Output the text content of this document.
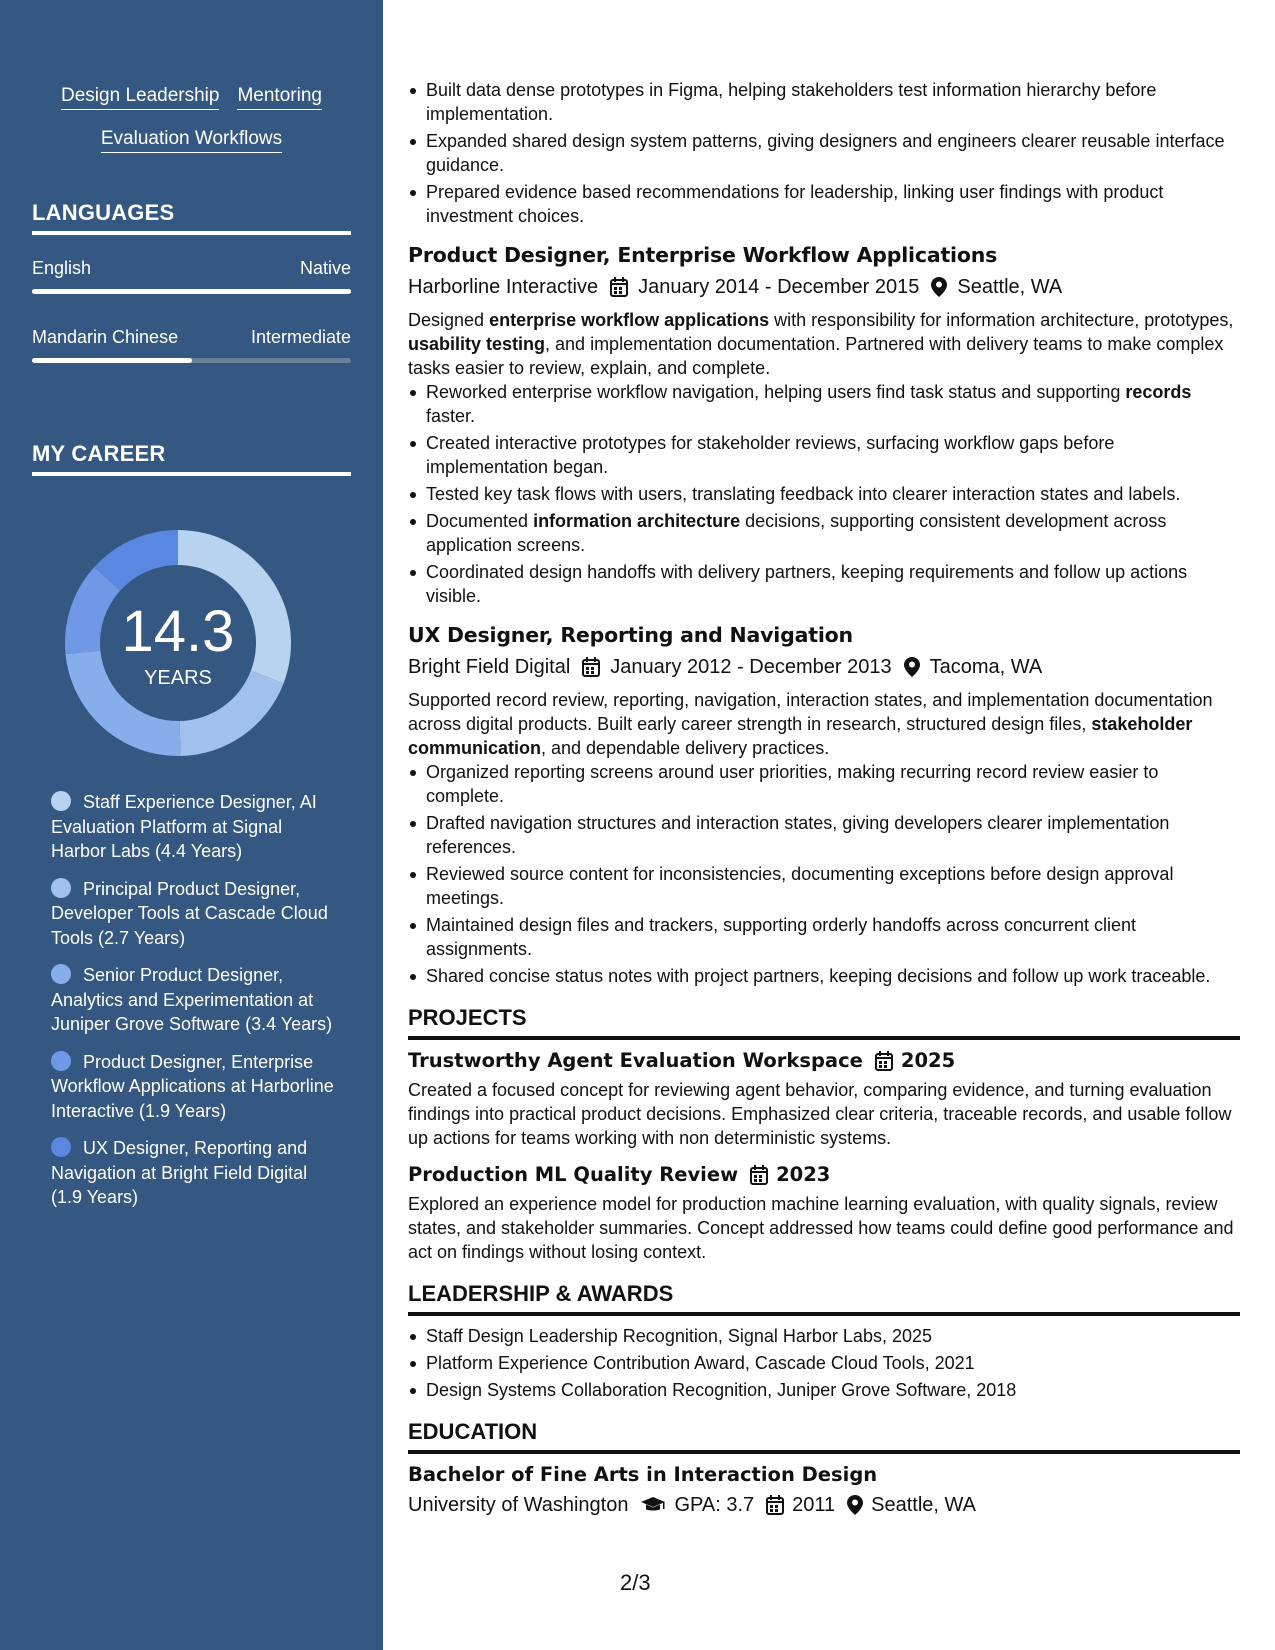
Design Leadership Mentoring
Evaluation Workflows
LANGUAGES
English	Native
Mandarin Chinese	Intermediate
MY CAREER
14.3
YEARS
Staff Experience Designer, AI Evaluation Platform at Signal Harbor Labs (4.4 Years)
Principal Product Designer, Developer Tools at Cascade Cloud Tools (2.7 Years)
Senior Product Designer, Analytics and Experimentation at Juniper Grove Software (3.4 Years)
Product Designer, Enterprise Workflow Applications at Harborline Interactive (1.9 Years)
UX Designer, Reporting and Navigation at Bright Field Digital (1.9 Years)
Built data dense prototypes in Figma, helping stakeholders test information hierarchy before implementation.
Expanded shared design system patterns, giving designers and engineers clearer reusable interface guidance.
Prepared evidence based recommendations for leadership, linking user findings with product investment choices.
Product Designer, Enterprise Workflow Applications
Harborline Interactive January 2014 - December 2015 Seattle, WA

Designed enterprise workflow applications with responsibility for information architecture, prototypes, usability testing, and implementation documentation. Partnered with delivery teams to make complex tasks easier to review, explain, and complete.

Reworked enterprise workflow navigation, helping users find task status and supporting records faster.
Created interactive prototypes for stakeholder reviews, surfacing workflow gaps before implementation began.
Tested key task flows with users, translating feedback into clearer interaction states and labels.
Documented information architecture decisions, supporting consistent development across application screens.
Coordinated design handoffs with delivery partners, keeping requirements and follow up actions visible.
UX Designer, Reporting and Navigation
Bright Field Digital January 2012 - December 2013 Tacoma, WA

Supported record review, reporting, navigation, interaction states, and implementation documentation across digital products. Built early career strength in research, structured design files, stakeholder communication, and dependable delivery practices.

Organized reporting screens around user priorities, making recurring record review easier to complete.
Drafted navigation structures and interaction states, giving developers clearer implementation references.
Reviewed source content for inconsistencies, documenting exceptions before design approval meetings.
Maintained design files and trackers, supporting orderly handoffs across concurrent client assignments.
Shared concise status notes with project partners, keeping decisions and follow up work traceable.
PROJECTS
Trustworthy Agent Evaluation Workspace 2025

Created a focused concept for reviewing agent behavior, comparing evidence, and turning evaluation findings into practical product decisions. Emphasized clear criteria, traceable records, and usable follow up actions for teams working with non deterministic systems.

Production ML Quality Review 2023

Explored an experience model for production machine learning evaluation, with quality signals, review states, and stakeholder summaries. Concept addressed how teams could define good performance and act on findings without losing context.

LEADERSHIP & AWARDS
Staff Design Leadership Recognition, Signal Harbor Labs, 2025
Platform Experience Contribution Award, Cascade Cloud Tools, 2021
Design Systems Collaboration Recognition, Juniper Grove Software, 2018
EDUCATION
Bachelor of Fine Arts in Interaction Design
University of Washington GPA: 3.7 2011 Seattle, WA
2/3
